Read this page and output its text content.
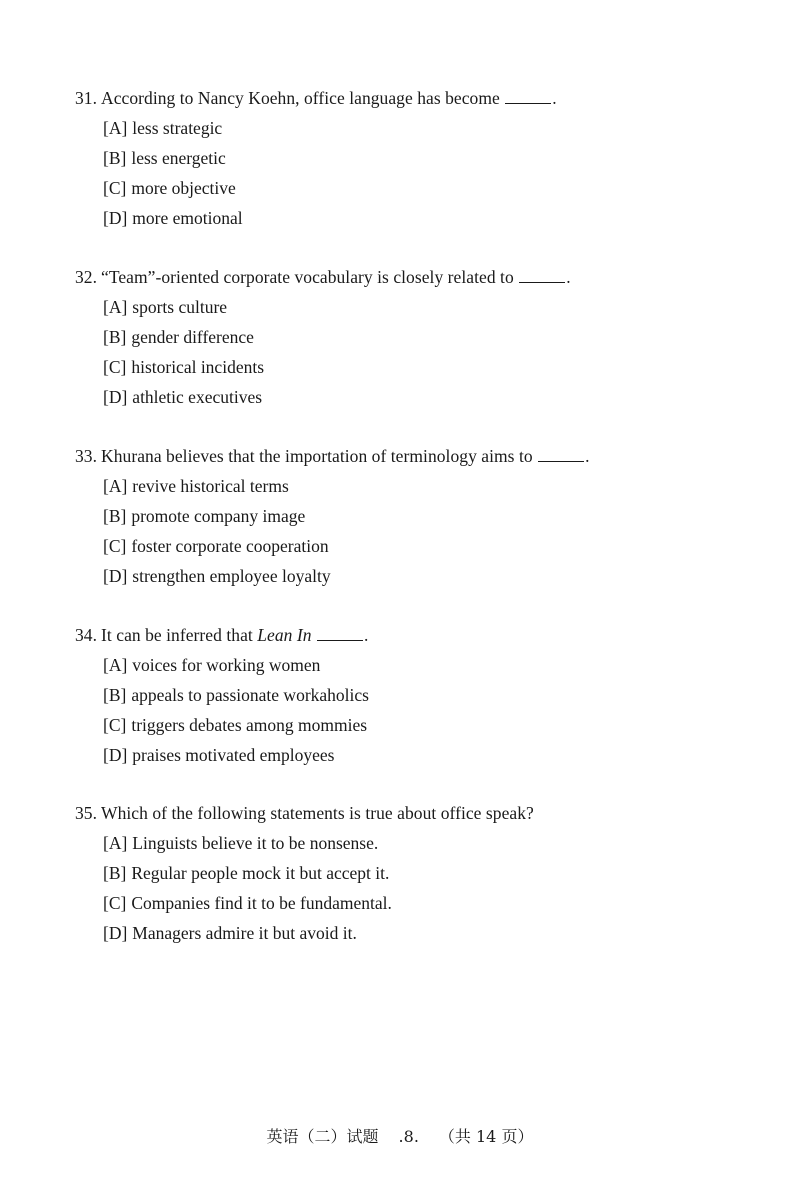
31. According to Nancy Koehn, office language has become	.
[A] less strategic
[B] less energetic
[C] more objective
[D] more emotional
32. “Team”-oriented corporate vocabulary is closely related to	.
[A] sports culture
[B] gender difference
[C] historical incidents
[D] athletic executives
33. Khurana believes that the importation of terminology aims to	.
[A] revive historical terms
[B] promote company image
[C] foster corporate cooperation
[D] strengthen employee loyalty
34. It can be inferred that Lean In	.
[A] voices for working women
[B] appeals to passionate workaholics
[C] triggers debates among mommies
[D] praises motivated employees
35. Which of the following statements is true about office speak?
[A] Linguists believe it to be nonsense.
[B] Regular people mock it but accept it.
[C] Companies find it to be fundamental.
[D] Managers admire it but avoid it.
英语（二）试题 .8. （共 14 页）
